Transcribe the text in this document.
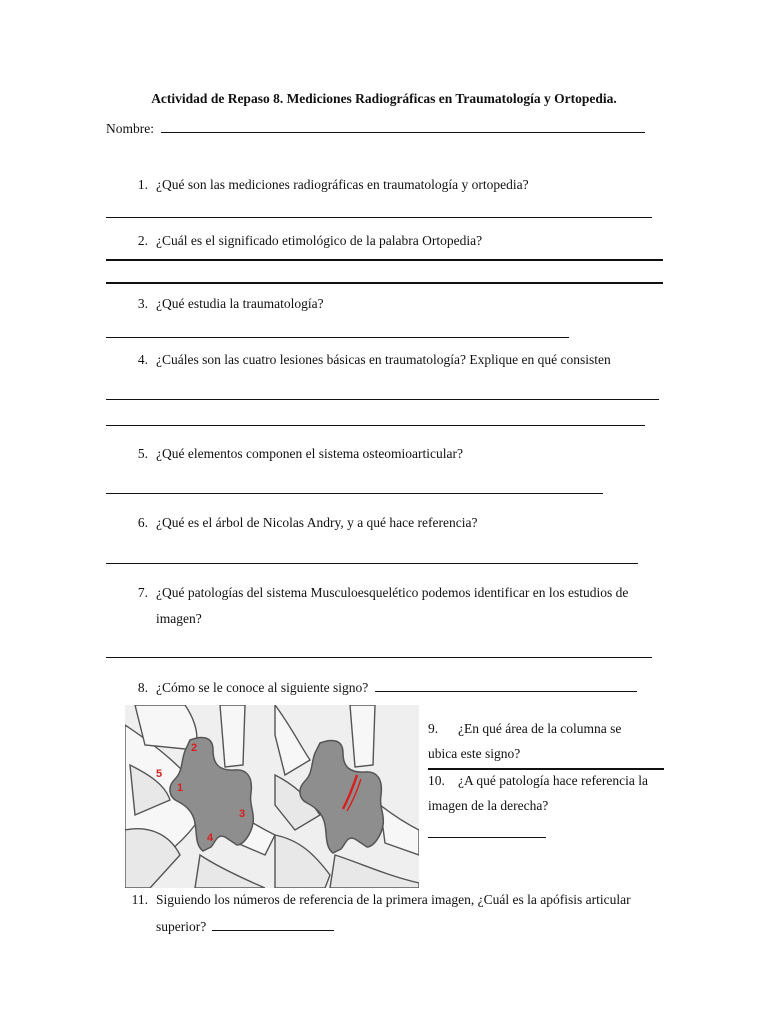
Actividad de Repaso 8. Mediciones Radiográficas en Traumatología y Ortopedia.
Nombre:
1. ¿Qué son las mediciones radiográficas en traumatología y ortopedia?
2. ¿Cuál es el significado etimológico de la palabra Ortopedia?
3. ¿Qué estudia la traumatología?
4. ¿Cuáles son las cuatro lesiones básicas en traumatología? Explique en qué consisten
5. ¿Qué elementos componen el sistema osteomioarticular?
6. ¿Qué es el árbol de Nicolas Andry, y a qué hace referencia?
7. ¿Qué patologías del sistema Musculoesquelético podemos identificar en los estudios de
imagen?
8. ¿Cómo se le conoce al siguiente signo?
1
2
3
4
5
9. ¿En qué área de la columna se
ubica este signo?
10. ¿A qué patología hace referencia la
imagen de la derecha?
11. Siguiendo los números de referencia de la primera imagen, ¿Cuál es la apófisis articular
superior?
